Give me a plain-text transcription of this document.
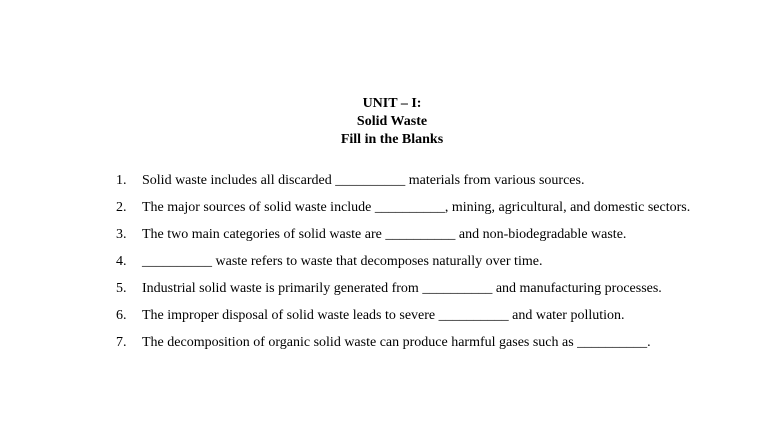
UNIT – I:
Solid Waste
Fill in the Blanks
1.	Solid waste includes all discarded __________ materials from various sources.
2.	The major sources of solid waste include __________, mining, agricultural, and domestic sectors.
3.	The two main categories of solid waste are __________ and non-biodegradable waste.
4.	__________ waste refers to waste that decomposes naturally over time.
5.	Industrial solid waste is primarily generated from __________ and manufacturing processes.
6.	The improper disposal of solid waste leads to severe __________ and water pollution.
7.	The decomposition of organic solid waste can produce harmful gases such as __________.
